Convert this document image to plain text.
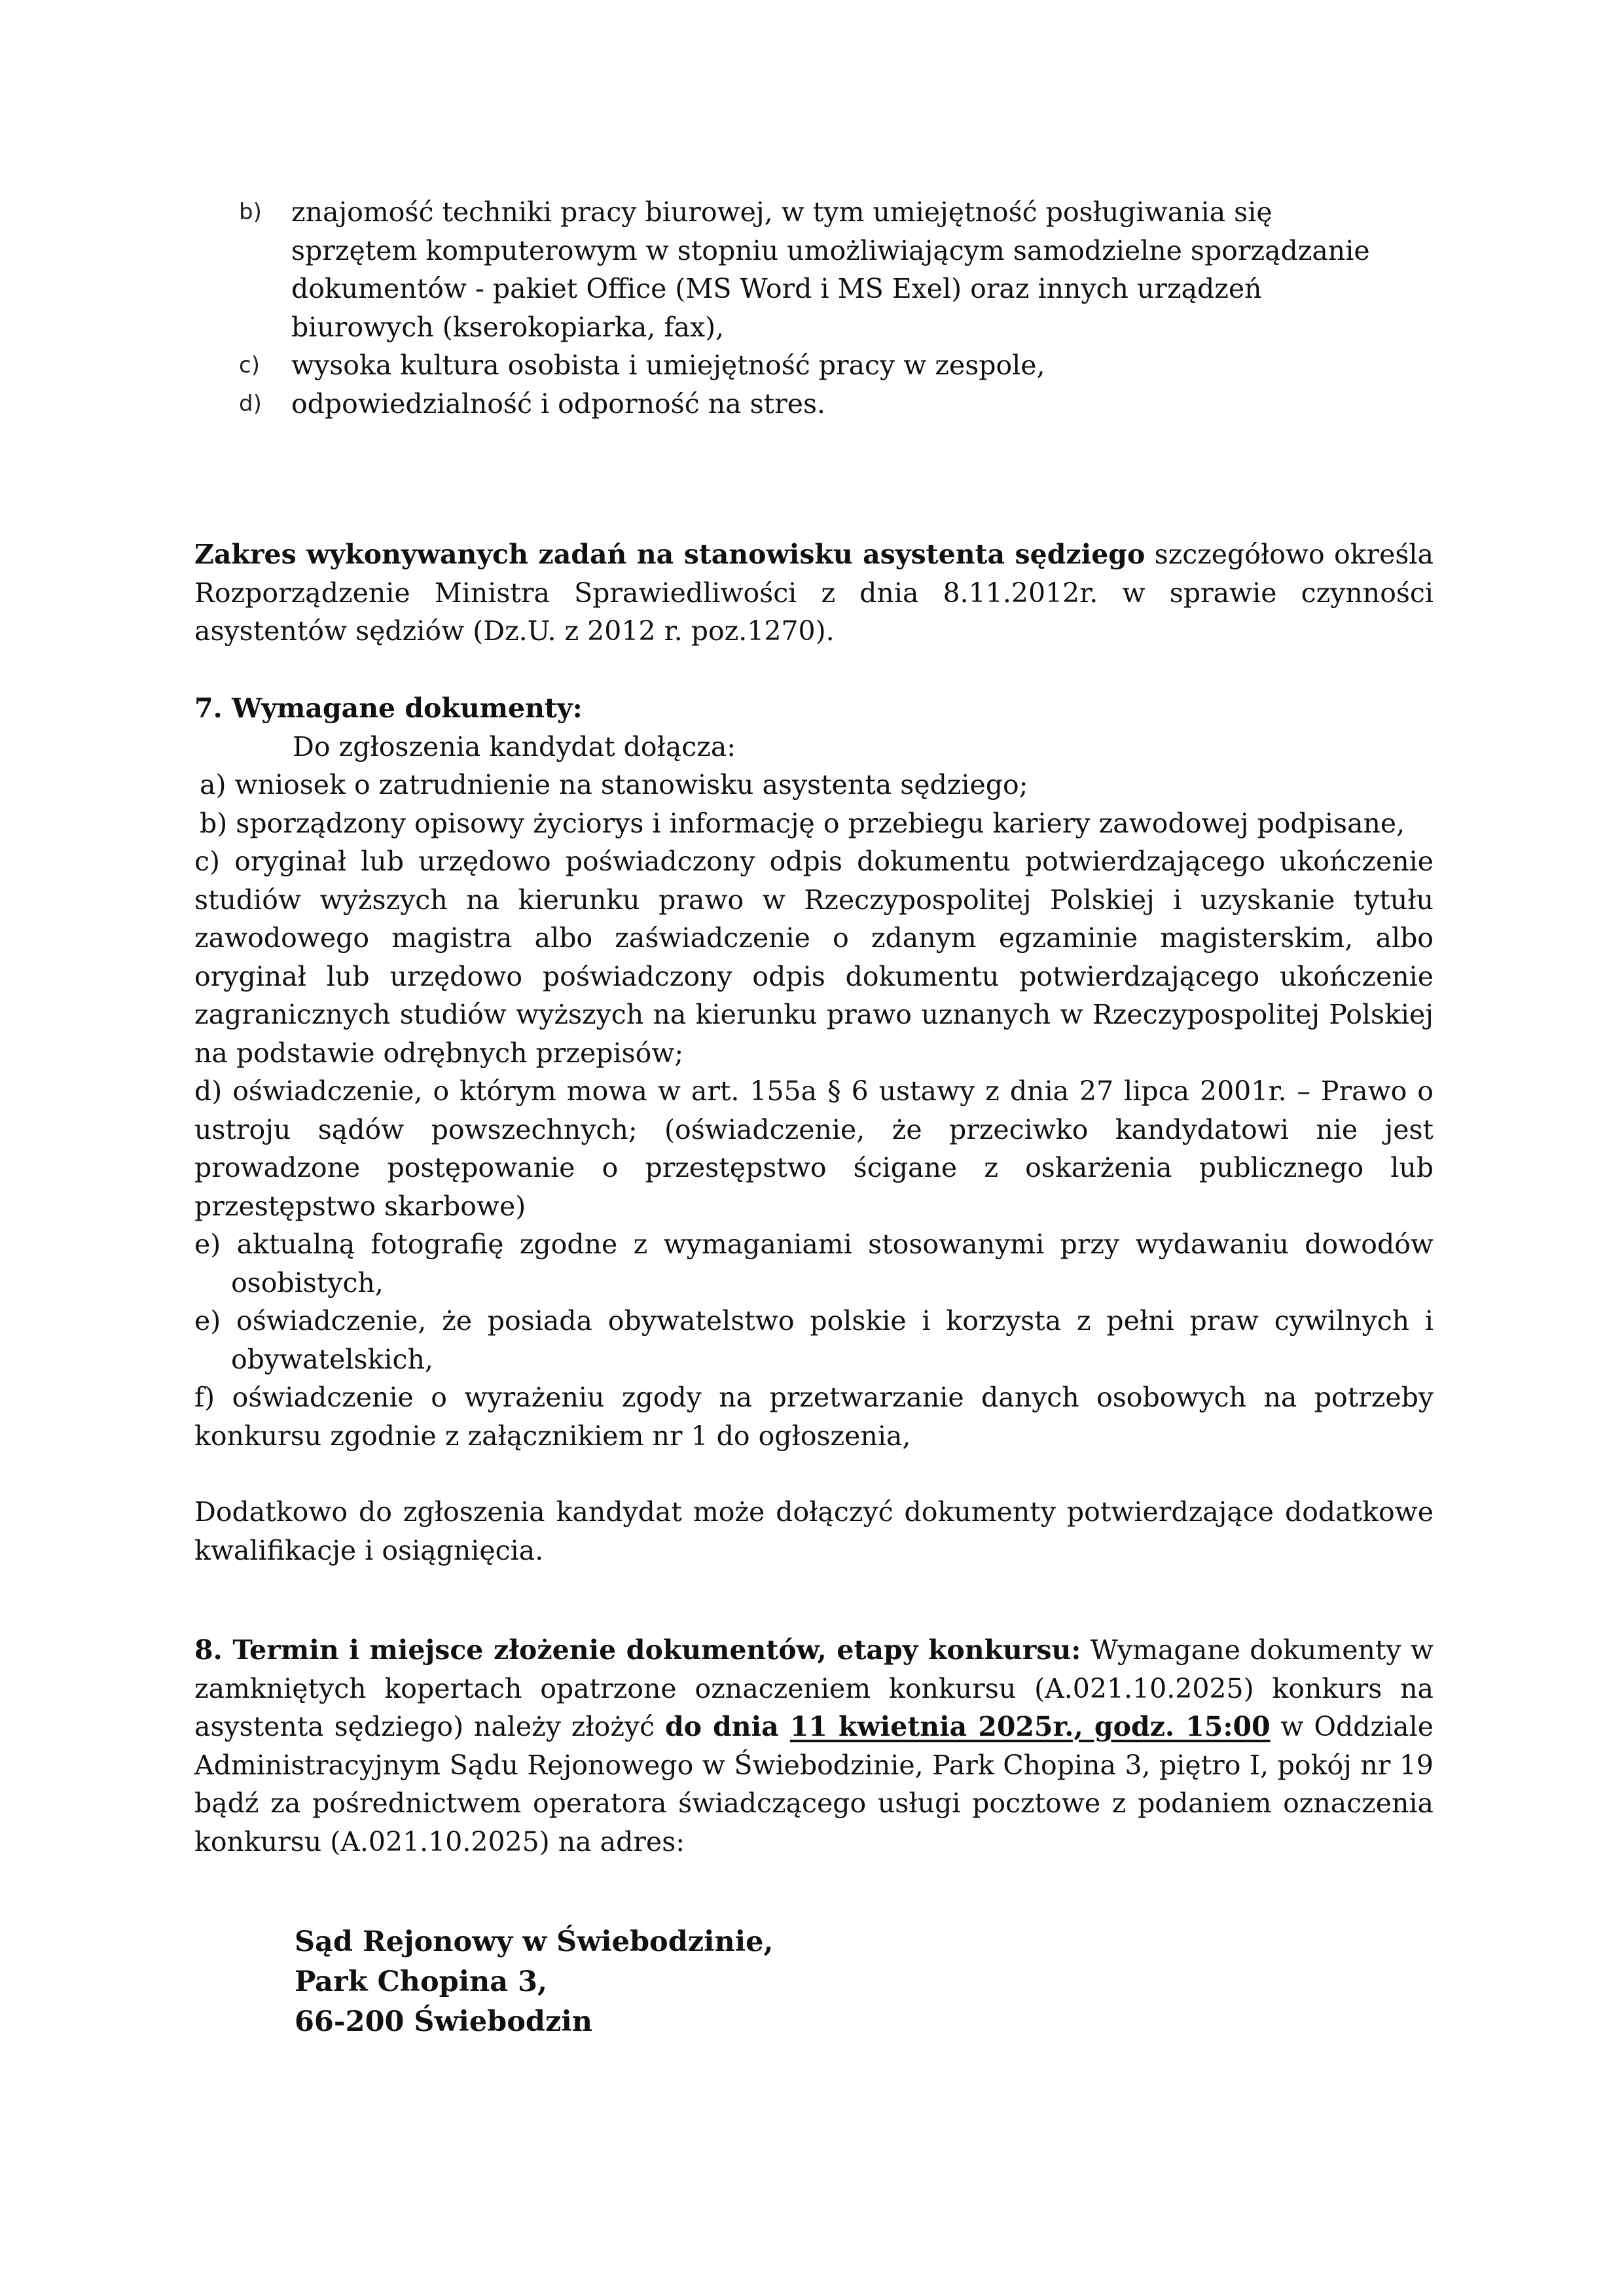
b) znajomość techniki pracy biurowej, w tym umiejętność posługiwania się
sprzętem komputerowym w stopniu umożliwiającym samodzielne sporządzanie
dokumentów - pakiet Office (MS Word i MS Exel) oraz innych urządzeń
biurowych (kserokopiarka, fax),
c) wysoka kultura osobista i umiejętność pracy w zespole,
d) odpowiedzialność i odporność na stres.

Zakres wykonywanych zadań na stanowisku asystenta sędziego szczegółowo określa Rozporządzenie Ministra Sprawiedliwości z dnia 8.11.2012r. w sprawie czynności asystentów sędziów (Dz.U. z 2012 r. poz.1270).

7. Wymagane dokumenty:

Do zgłoszenia kandydat dołącza:

a) wniosek o zatrudnienie na stanowisku asystenta sędziego;

b) sporządzony opisowy życiorys i informację o przebiegu kariery zawodowej podpisane,

c) oryginał lub urzędowo poświadczony odpis dokumentu potwierdzającego ukończenie studiów wyższych na kierunku prawo w Rzeczypospolitej Polskiej i uzyskanie tytułu zawodowego magistra albo zaświadczenie o zdanym egzaminie magisterskim, albo oryginał lub urzędowo poświadczony odpis dokumentu potwierdzającego ukończenie zagranicznych studiów wyższych na kierunku prawo uznanych w Rzeczypospolitej Polskiej na podstawie odrębnych przepisów;

d) oświadczenie, o którym mowa w art. 155a § 6 ustawy z dnia 27 lipca 2001r. – Prawo o ustroju sądów powszechnych; (oświadczenie, że przeciwko kandydatowi nie jest prowadzone postępowanie o przestępstwo ścigane z oskarżenia publicznego lub przestępstwo skarbowe)

e) aktualną fotografię zgodne z wymaganiami stosowanymi przy wydawaniu dowodów osobistych,

e) oświadczenie, że posiada obywatelstwo polskie i korzysta z pełni praw cywilnych i obywatelskich,

f) oświadczenie o wyrażeniu zgody na przetwarzanie danych osobowych na potrzeby konkursu zgodnie z załącznikiem nr 1 do ogłoszenia,

Dodatkowo do zgłoszenia kandydat może dołączyć dokumenty potwierdzające dodatkowe kwalifikacje i osiągnięcia.

8. Termin i miejsce złożenie dokumentów, etapy konkursu: Wymagane dokumenty w zamkniętych kopertach opatrzone oznaczeniem konkursu (A.021.10.2025) konkurs na asystenta sędziego) należy złożyć do dnia 11 kwietnia 2025r., godz. 15:00 w Oddziale Administracyjnym Sądu Rejonowego w Świebodzinie, Park Chopina 3, piętro I, pokój nr 19 bądź za pośrednictwem operatora świadczącego usługi pocztowe z podaniem oznaczenia konkursu (A.021.10.2025) na adres:

Sąd Rejonowy w Świebodzinie,
Park Chopina 3,
66-200 Świebodzin
